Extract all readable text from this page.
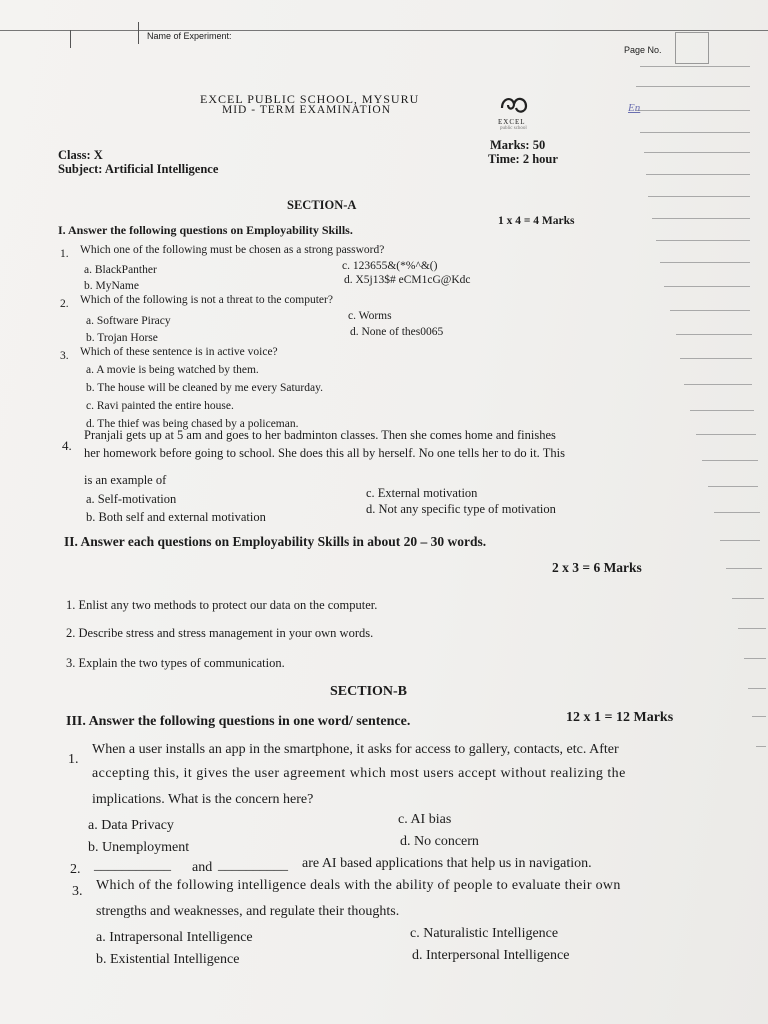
Name of Experiment:
Page No.
EXCEL PUBLIC SCHOOL, MYSURU
MID - TERM EXAMINATION
EXCEL
public school
En
Class: X
Subject: Artificial Intelligence
Marks: 50
Time: 2 hour
SECTION-A
I. Answer the following questions on Employability Skills.
1 x 4 = 4 Marks
1. Which one of the following must be chosen as a strong password?
a. BlackPanther
b. MyName
c. 123655&(*%^&()
d. X5j13$# eCM1cG@Kdc
2. Which of the following is not a threat to the computer?
a. Software Piracy
b. Trojan Horse
c. Worms
d. None of thes0065
3. Which of these sentence is in active voice?
a. A movie is being watched by them.
b. The house will be cleaned by me every Saturday.
c. Ravi painted the entire house.
d. The thief was being chased by a policeman.
4.
Pranjali gets up at 5 am and goes to her badminton classes. Then she comes home and finishes
her homework before going to school. She does this all by herself. No one tells her to do it. This
is an example of
a. Self-motivation
b. Both self and external motivation
c. External motivation
d. Not any specific type of motivation
II. Answer each questions on Employability Skills in about 20 – 30 words.
2 x 3 = 6 Marks
1. Enlist any two methods to protect our data on the computer.
2. Describe stress and stress management in your own words.
3. Explain the two types of communication.
SECTION-B
III. Answer the following questions in one word/ sentence.	12 x 1 = 12 Marks
1.
When a user installs an app in the smartphone, it asks for access to gallery, contacts, etc. After
accepting this, it gives the user agreement which most users accept without realizing the
implications. What is the concern here?
a. Data Privacy
b. Unemployment
c. AI bias
d. No concern
2. ___________ and __________ are AI based applications that help us in navigation.
3. Which of the following intelligence deals with the ability of people to evaluate their own
strengths and weaknesses, and regulate their thoughts.
a. Intrapersonal Intelligence
b. Existential Intelligence
c. Naturalistic Intelligence
d. Interpersonal Intelligence
